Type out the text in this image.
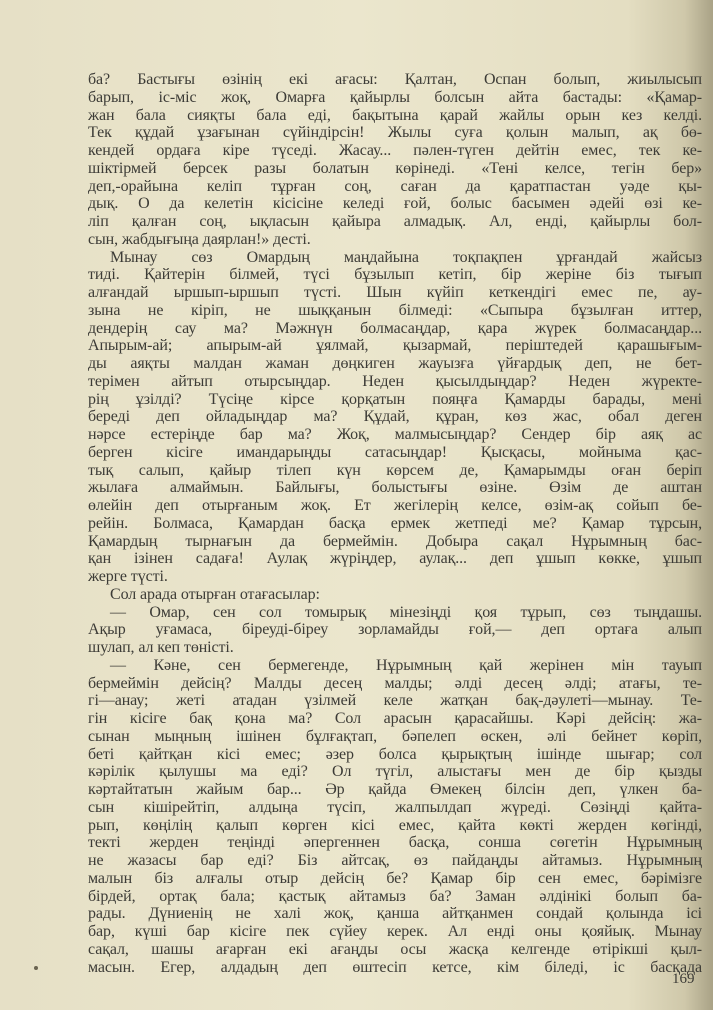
ба? Бастығы өзінің екі ағасы: Қалтан, Оспан болып, жиылысып
барып, іс-міс жоқ, Омарға қайырлы болсын айта бастады: «Қамар-
жан бала сияқты бала еді, бақытына қарай жайлы орын кез келді.
Тек құдай ұзағынан сүйіндірсін! Жылы суға қолын малып, ақ бө-
кендей ордаға кіре түседі. Жасау... пәлен-түген дейтін емес, тек ке-
шіктірмей берсек разы болатын көрінеді. «Тені келсе, тегін бер»
деп,-орайына келіп тұрған соң, саған да қаратпастан уәде қы-
дық. О да келетін кісісіне келеді ғой, болыс басымен әдейі өзі ке-
ліп қалған соң, ықласын қайыра алмадық. Ал, енді, қайырлы бол-
сын, жабдығыңа даярлан!» десті.
Мынау сөз Омардың маңдайына тоқпақпен ұрғандай жайсыз
тиді. Қайтерін білмей, түсі бұзылып кетіп, бір жеріне біз тығып
алғандай ыршып-ыршып түсті. Шын күйіп кеткендігі емес пе, ау-
зына не кіріп, не шыққанын білмеді: «Сыпыра бұзылған иттер,
дендерің сау ма? Мәжнүн болмасаңдар, қара жүрек болмасаңдар...
Апырым-ай; апырым-ай ұялмай, қызармай, періштедей қарашығым-
ды аяқты малдан жаман дөңкиген жауызға үйғардық деп, не бет-
терімен айтып отырсыңдар. Неден қысылдыңдар? Неден жүректе-
рің ұзілді? Түсіңе кірсе қорқатын пояңға Қамарды барады, мені
береді деп ойладыңдар ма? Құдай, құран, көз жас, обал деген
нәрсе естеріңде бар ма? Жоқ, малмысыңдар? Сендер бір аяқ ас
берген кісіге имандарыңды сатасыңдар! Қысқасы, мойныма қас-
тық салып, қайыр тілеп күн көрсем де, Қамарымды оған беріп
жылаға алмаймын. Байлығы, болыстығы өзіне. Өзім де аштан
өлейін деп отырғаным жоқ. Ет жегілерің келсе, өзім-ақ сойып бе-
рейін. Болмаса, Қамардан басқа ермек жетпеді ме? Қамар тұрсын,
Қамардың тырнағын да бермеймін. Добыра сақал Нұрымның бас-
қан ізінен садаға! Аулақ жүріңдер, аулақ... деп ұшып көкке, ұшып
жерге түсті.
Сол арада отырған отағасылар:
— Омар, сен сол томырық мінезіңді қоя тұрып, сөз тыңдашы.
Ақыр уғамаса, біреуді-біреу зорламайды ғой,— деп ортаға алып
шулап, ал кеп төністі.
— Кәне, сен бермегенде, Нұрымның қай жерінен мін тауып
бермеймін дейсің? Малды десең малды; әлді десең әлді; атағы, те-
гі—анау; жеті атадан үзілмей келе жатқан бақ-дәулеті—мынау. Те-
гін кісіге бақ қона ма? Сол арасын қарасайшы. Кәрі дейсің: жа-
сынан мыңның ішінен бұлғақтап, бәпелеп өскен, әлі бейнет көріп,
беті қайтқан кісі емес; әзер болса қырықтың ішінде шығар; сол
кәрілік қылушы ма еді? Ол түгіл, алыстағы мен де бір қызды
кәртайтатын жайым бар... Әр қайда Өмекең білсін деп, үлкен ба-
сын кішірейтіп, алдыңа түсіп, жалпылдап жүреді. Сөзіңді қайта-
рып, көңілің қалып көрген кісі емес, қайта көкті жерден көгінді,
текті жерден теңінді әпергеннен басқа, сонша сөгетін Нұрымның
не жазасы бар еді? Біз айтсақ, өз пайдаңды айтамыз. Нұрымның
малын біз алғалы отыр дейсің бе? Қамар бір сен емес, бәрімізге
бірдей, ортақ бала; қастық айтамыз ба? Заман әлдінікі болып ба-
рады. Дүниенің не халі жоқ, қанша айтқанмен сондай қолында ісі
бар, күші бар кісіге пек сүйеу керек. Ал енді оны қояйық. Мынау
сақал, шашы ағарған екі ағаңды осы жасқа келгенде өтірікші қыл-
масын. Егер, алдадың деп өштесіп кетсе, кім біледі, іс басқада
169
